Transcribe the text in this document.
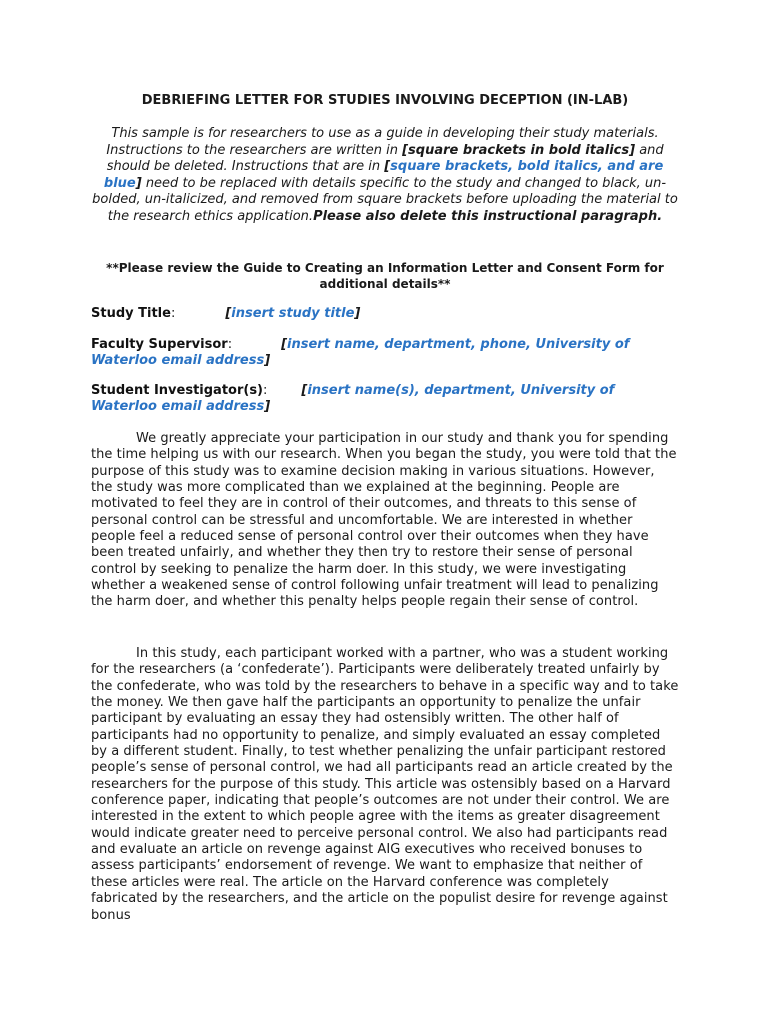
DEBRIEFING LETTER FOR STUDIES INVOLVING DECEPTION (IN-LAB)
This sample is for researchers to use as a guide in developing their study materials. Instructions to the researchers are written in [square brackets in bold italics] and should be deleted. Instructions that are in [square brackets, bold italics, and are blue] need to be replaced with details specific to the study and changed to black, un-bolded, un-italicized, and removed from square brackets before uploading the material to the research ethics application.Please also delete this instructional paragraph.
**Please review the Guide to Creating an Information Letter and Consent Form for additional details**
Study Title:	[insert study title]
Faculty Supervisor:	[insert name, department, phone, University of Waterloo email address]
Student Investigator(s):	[insert name(s), department, University of Waterloo email address]
We greatly appreciate your participation in our study and thank you for spending the time helping us with our research. When you began the study, you were told that the purpose of this study was to examine decision making in various situations. However, the study was more complicated than we explained at the beginning. People are motivated to feel they are in control of their outcomes, and threats to this sense of personal control can be stressful and uncomfortable. We are interested in whether people feel a reduced sense of personal control over their outcomes when they have been treated unfairly, and whether they then try to restore their sense of personal control by seeking to penalize the harm doer. In this study, we were investigating whether a weakened sense of control following unfair treatment will lead to penalizing the harm doer, and whether this penalty helps people regain their sense of control.
In this study, each participant worked with a partner, who was a student working for the researchers (a ‘confederate’). Participants were deliberately treated unfairly by the confederate, who was told by the researchers to behave in a specific way and to take the money. We then gave half the participants an opportunity to penalize the unfair participant by evaluating an essay they had ostensibly written. The other half of participants had no opportunity to penalize, and simply evaluated an essay completed by a different student. Finally, to test whether penalizing the unfair participant restored people’s sense of personal control, we had all participants read an article created by the researchers for the purpose of this study. This article was ostensibly based on a Harvard conference paper, indicating that people’s outcomes are not under their control. We are interested in the extent to which people agree with the items as greater disagreement would indicate greater need to perceive personal control. We also had participants read and evaluate an article on revenge against AIG executives who received bonuses to assess participants’ endorsement of revenge. We want to emphasize that neither of these articles were real. The article on the Harvard conference was completely fabricated by the researchers, and the article on the populist desire for revenge against bonus
